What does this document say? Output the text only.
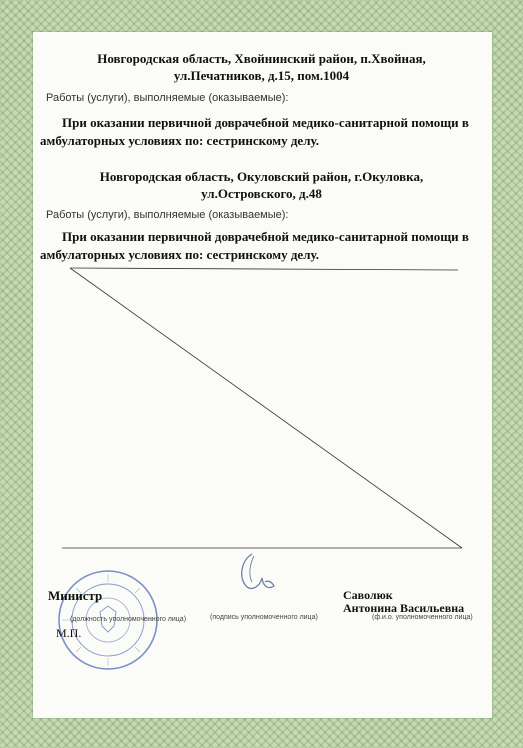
Новгородская область, Хвойнинский район, п.Хвойная,
ул.Печатников, д.15, пом.1004
Работы (услуги), выполняемые (оказываемые):
При оказании первичной доврачебной медико-санитарной помощи в амбулаторных условиях по: сестринскому делу.
Новгородская область, Окуловский район, г.Окуловка,
ул.Островского, д.48
Работы (услуги), выполняемые (оказываемые):
При оказании первичной доврачебной медико-санитарной помощи в амбулаторных условиях по: сестринскому делу.
Министр
(должность уполномоченного лица)
М.П.
(подпись уполномоченного лица)
Саволюк
Антонина Васильевна
(ф.и.о. уполномоченного лица)
